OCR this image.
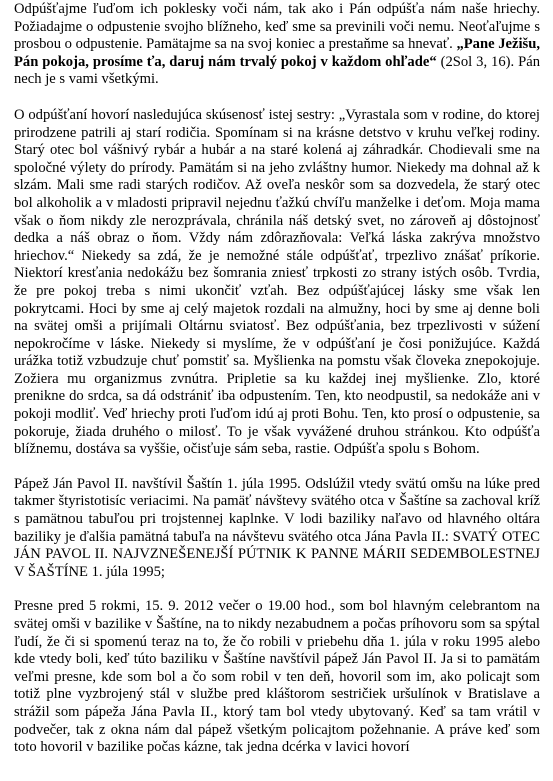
Odpúšťajme ľuďom ich poklesky voči nám, tak ako i Pán odpúšťa nám naše hriechy. Požiadajme o odpustenie svojho blížneho, keď sme sa previnili voči nemu. Neoťaľujme s prosbou o odpustenie. Pamätajme sa na svoj koniec a prestaňme sa hnevať. „Pane Ježišu, Pán pokoja, prosíme ťa, daruj nám trvalý pokoj v každom ohľade“ (2Sol 3, 16). Pán nech je s vami všetkými.

O odpúšťaní hovorí nasledujúca skúsenosť istej sestry: „Vyrastala som v rodine, do ktorej prirodzene patrili aj starí rodičia. Spomínam si na krásne detstvo v kruhu veľkej rodiny. Starý otec bol vášnivý rybár a hubár a na staré kolená aj záhradkár. Chodievali sme na spoločné výlety do prírody. Pamätám si na jeho zvláštny humor. Niekedy ma dohnal až k slzám. Mali sme radi starých rodičov. Až oveľa neskôr som sa dozvedela, že starý otec bol alkoholik a v mladosti pripravil nejednu ťažkú chvíľu manželke i deťom. Moja mama však o ňom nikdy zle nerozprávala, chránila náš detský svet, no zároveň aj dôstojnosť dedka a náš obraz o ňom. Vždy nám zdôrazňovala: Veľká láska zakrýva množstvo hriechov.“ Niekedy sa zdá, že je nemožné stále odpúšťať, trpezlivo znášať príkorie. Niektorí kresťania nedokážu bez šomrania zniesť trpkosti zo strany istých osôb. Tvrdia, že pre pokoj treba s nimi ukončiť vzťah. Bez odpúšťajúcej lásky sme však len pokrytcami. Hoci by sme aj celý majetok rozdali na almužny, hoci by sme aj denne boli na svätej omši a prijímali Oltárnu sviatosť. Bez odpúšťania, bez trpezlivosti v súžení nepokročíme v láske. Niekedy si myslíme, že v odpúšťaní je čosi ponižujúce. Každá urážka totiž vzbudzuje chuť pomstiť sa. Myšlienka na pomstu však človeka znepokojuje. Zožiera mu organizmus zvnútra. Pripletie sa ku každej inej myšlienke. Zlo, ktoré prenikne do srdca, sa dá odstrániť iba odpustením. Ten, kto neodpustil, sa nedokáže ani v pokoji modliť. Veď hriechy proti ľuďom idú aj proti Bohu. Ten, kto prosí o odpustenie, sa pokoruje, žiada druhého o milosť. To je však vyvážené druhou stránkou. Kto odpúšťa blížnemu, dostáva sa vyššie, očisťuje sám seba, rastie. Odpúšťa spolu s Bohom.

Pápež Ján Pavol II. navštívil Šaštín 1. júla 1995. Odslúžil vtedy svätú omšu na lúke pred takmer štyristotisíc veriacimi. Na pamäť návštevy svätého otca v Šaštíne sa zachoval kríž s pamätnou tabuľou pri trojstennej kaplnke. V lodi baziliky naľavo od hlavného oltára baziliky je ďalšia pamätná tabuľa na návštevu svätého otca Jána Pavla II.: SVATÝ OTEC JÁN PAVOL II. NAJVZNEŠENEJŠÍ PÚTNIK K PANNE MÁRII SEDEMBOLESTNEJ V ŠAŠTÍNE 1. júla 1995;

Presne pred 5 rokmi, 15. 9. 2012 večer o 19.00 hod., som bol hlavným celebrantom na svätej omši v bazilike v Šaštíne, na to nikdy nezabudnem a počas príhovoru som sa spýtal ľudí, že či si spomenú teraz na to, že čo robili v priebehu dňa 1. júla v roku 1995 alebo kde vtedy boli, keď túto baziliku v Šaštíne navštívil pápež Ján Pavol II. Ja si to pamätám veľmi presne, kde som bol a čo som robil v ten deň, hovoril som im, ako policajt som totiž plne vyzbrojený stál v službe pred kláštorom sestričiek uršulínok v Bratislave a strážil som pápeža Jána Pavla II., ktorý tam bol vtedy ubytovaný. Keď sa tam vrátil v podvečer, tak z okna nám dal pápež všetkým policajtom požehnanie. A práve keď som toto hovoril v bazilike počas kázne, tak jedna dcérka v lavici hovorí
